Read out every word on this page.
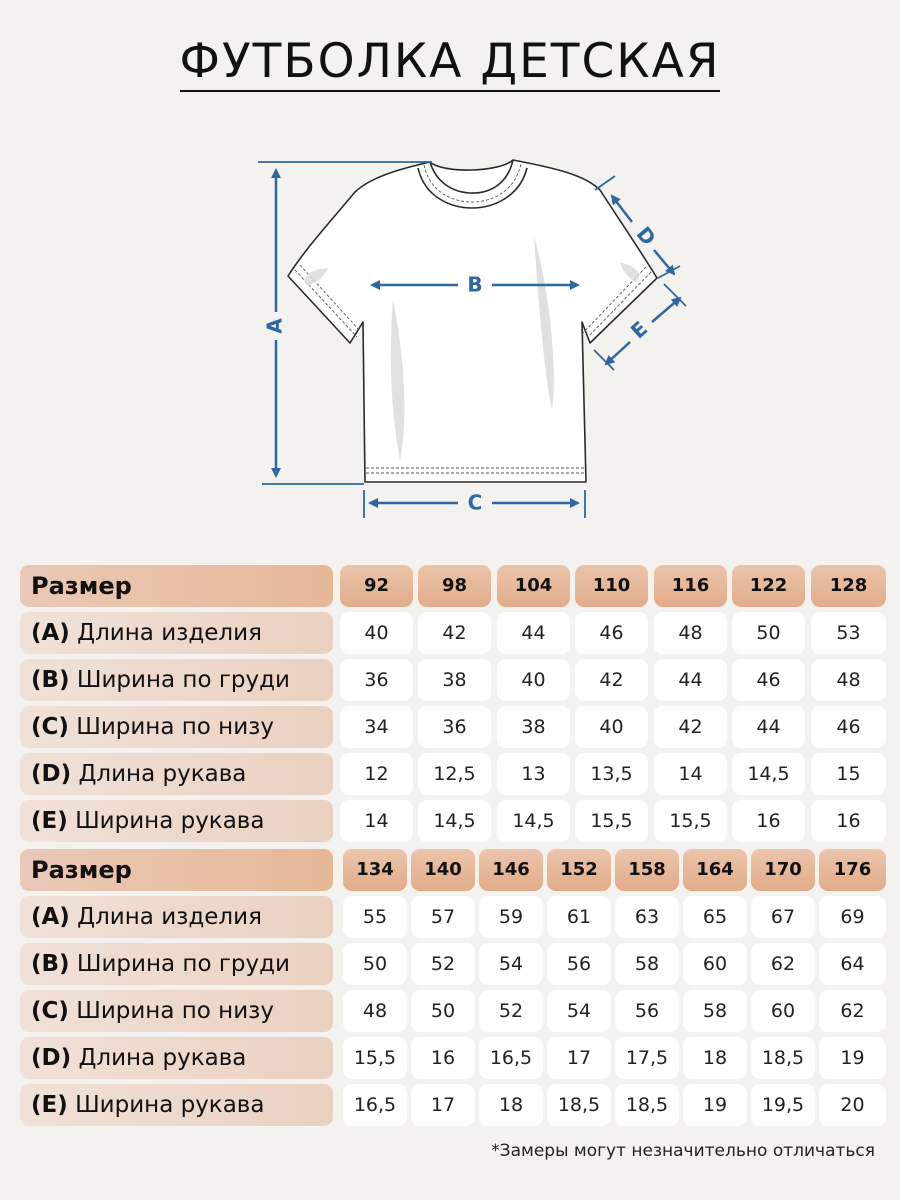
ФУТБОЛКА ДЕТСКАЯ
A
B
C
D
E
Размер	92	98	104	110	116	122	128
(A) Длина изделия	40	42	44	46	48	50	53
(B) Ширина по груди	36	38	40	42	44	46	48
(C) Ширина по низу	34	36	38	40	42	44	46
(D) Длина рукава	12	12,5	13	13,5	14	14,5	15
(E) Ширина рукава	14	14,5	14,5	15,5	15,5	16	16
Размер	134	140	146	152	158	164	170	176
(A) Длина изделия	55	57	59	61	63	65	67	69
(B) Ширина по груди	50	52	54	56	58	60	62	64
(C) Ширина по низу	48	50	52	54	56	58	60	62
(D) Длина рукава	15,5	16	16,5	17	17,5	18	18,5	19
(E) Ширина рукава	16,5	17	18	18,5	18,5	19	19,5	20
*Замеры могут незначительно отличаться
